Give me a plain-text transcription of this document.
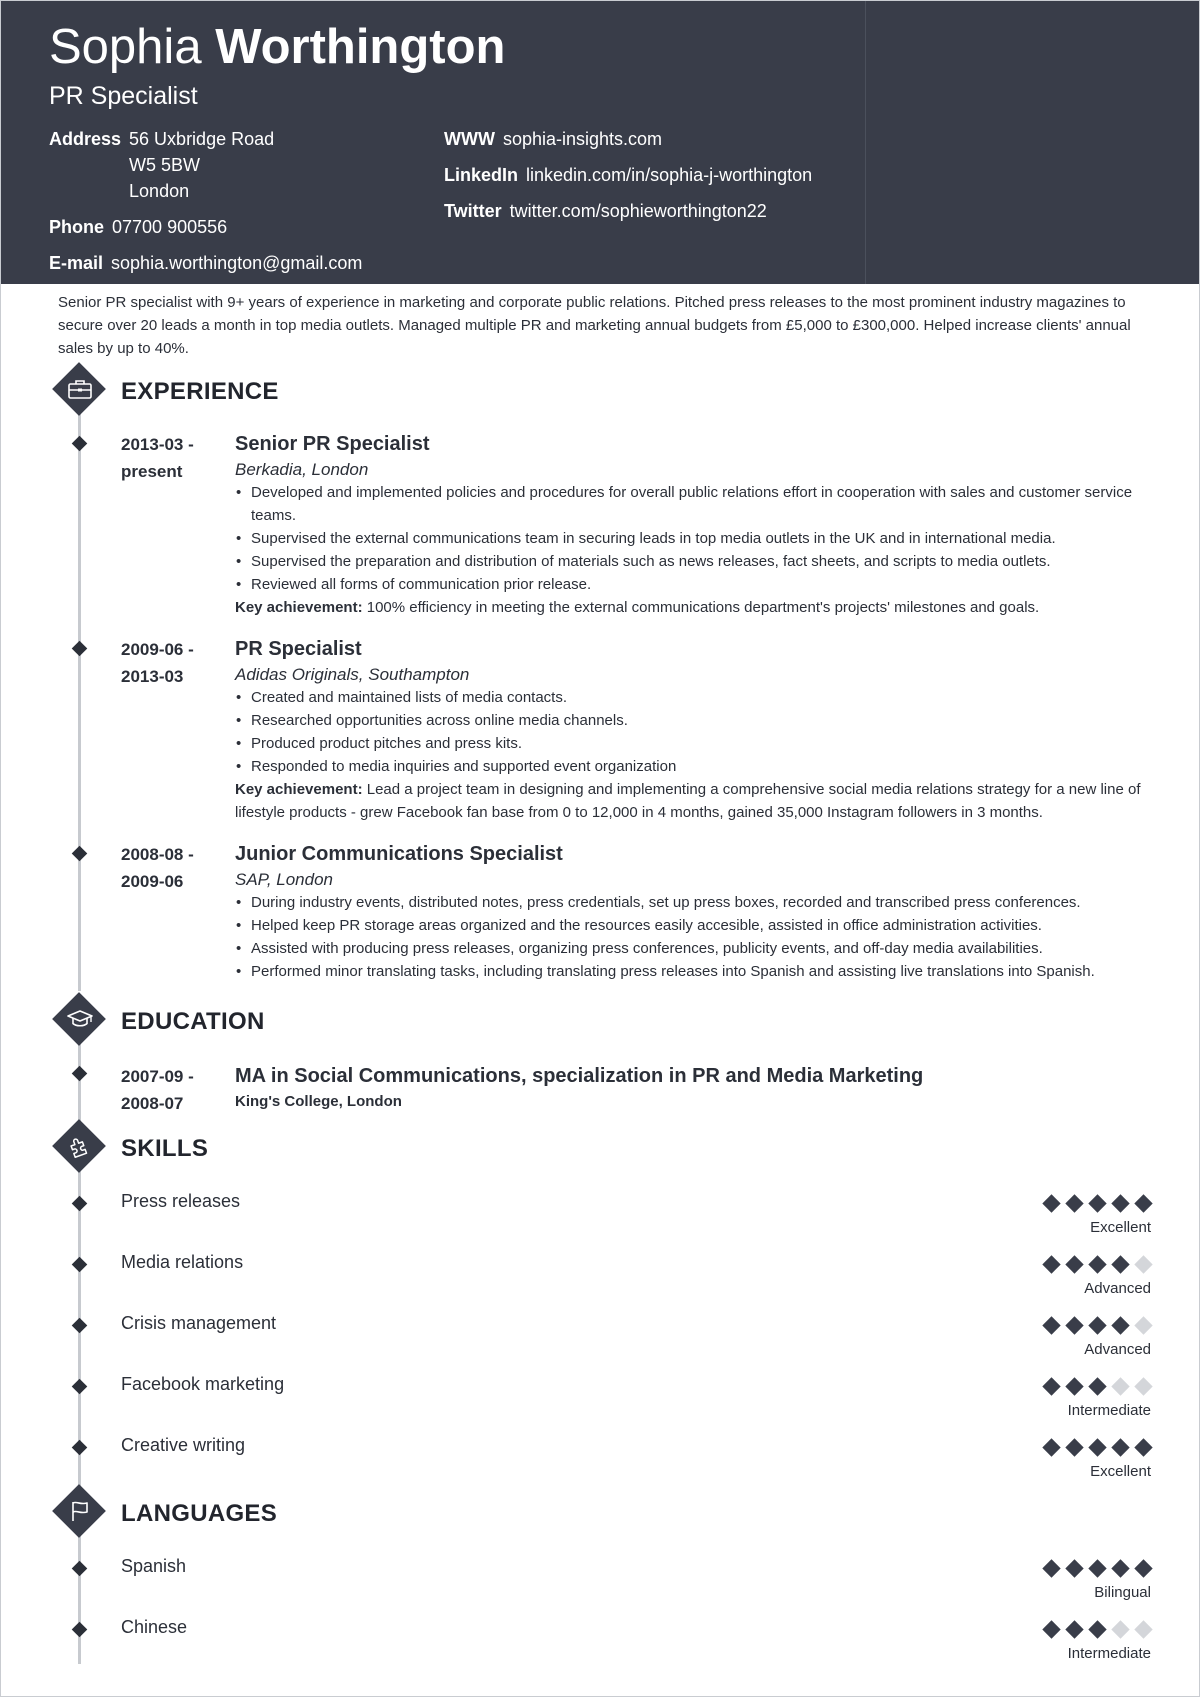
Sophia Worthington
PR Specialist
Address 56 Uxbridge Road
W5 5BW
London
Phone 07700 900556
E-mail sophia.worthington@gmail.com
WWW sophia-insights.com
LinkedIn linkedin.com/in/sophia-j-worthington
Twitter twitter.com/sophieworthington22
Senior PR specialist with 9+ years of experience in marketing and corporate public relations. Pitched press releases to the most prominent industry magazines to secure over 20 leads a month in top media outlets. Managed multiple PR and marketing annual budgets from £5,000 to £300,000. Helped increase clients' annual sales by up to 40%.
EXPERIENCE
2013-03 -
present
Senior PR Specialist
Berkadia, London
• Developed and implemented policies and procedures for overall public relations effort in cooperation with sales and customer service teams.
• Supervised the external communications team in securing leads in top media outlets in the UK and in international media.
• Supervised the preparation and distribution of materials such as news releases, fact sheets, and scripts to media outlets.
• Reviewed all forms of communication prior release.
Key achievement: 100% efficiency in meeting the external communications department's projects' milestones and goals.
2009-06 -
2013-03
PR Specialist
Adidas Originals, Southampton
• Created and maintained lists of media contacts.
• Researched opportunities across online media channels.
• Produced product pitches and press kits.
• Responded to media inquiries and supported event organization
Key achievement: Lead a project team in designing and implementing a comprehensive social media relations strategy for a new line of lifestyle products - grew Facebook fan base from 0 to 12,000 in 4 months, gained 35,000 Instagram followers in 3 months.
2008-08 -
2009-06
Junior Communications Specialist
SAP, London
• During industry events, distributed notes, press credentials, set up press boxes, recorded and transcribed press conferences.
• Helped keep PR storage areas organized and the resources easily accesible, assisted in office administration activities.
• Assisted with producing press releases, organizing press conferences, publicity events, and off-day media availabilities.
• Performed minor translating tasks, including translating press releases into Spanish and assisting live translations into Spanish.
EDUCATION
2007-09 -
2008-07
MA in Social Communications, specialization in PR and Media Marketing
King's College, London
SKILLS
Press releases
Excellent
Media relations
Advanced
Crisis management
Advanced
Facebook marketing
Intermediate
Creative writing
Excellent
LANGUAGES
Spanish
Bilingual
Chinese
Intermediate
